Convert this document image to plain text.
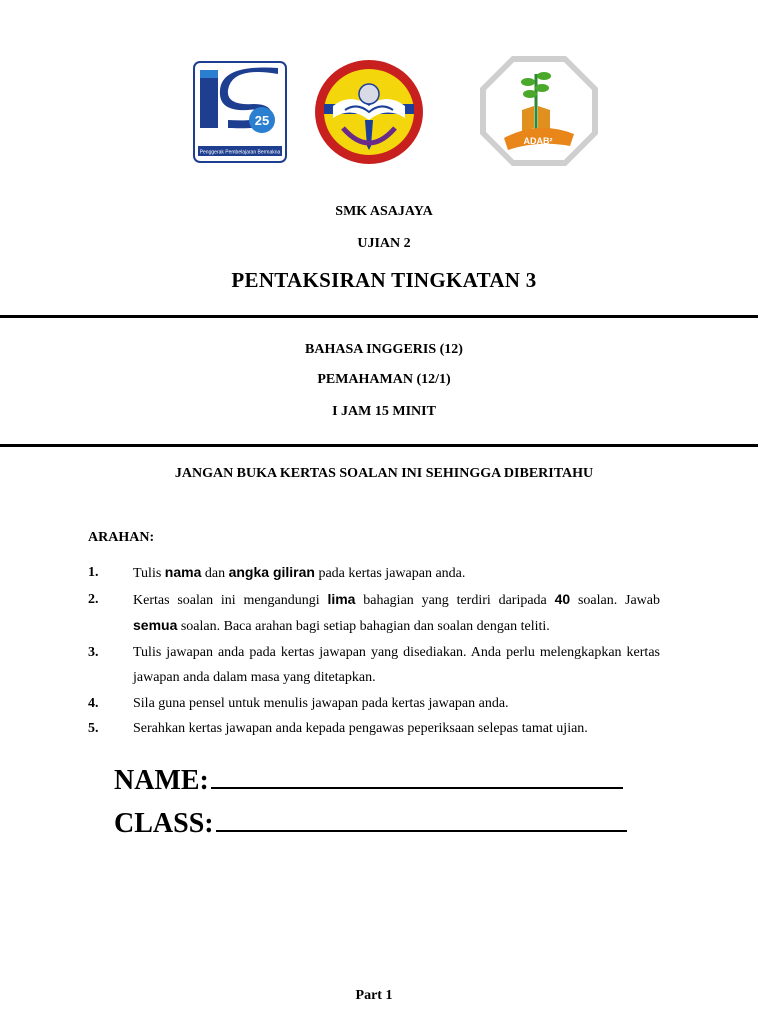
25
Penggerak Pembelajaran Bermakna
ADAB²
SMK ASAJAYA
UJIAN 2
PENTAKSIRAN TINGKATAN 3
BAHASA INGGERIS (12)
PEMAHAMAN (12/1)
I JAM 15 MINIT
JANGAN BUKA KERTAS SOALAN INI SEHINGGA DIBERITAHU
ARAHAN:
1. Tulis nama dan angka giliran pada kertas jawapan anda.
2. Kertas soalan ini mengandungi lima bahagian yang terdiri daripada 40 soalan. Jawab semua soalan. Baca arahan bagi setiap bahagian dan soalan dengan teliti.
3. Tulis jawapan anda pada kertas jawapan yang disediakan. Anda perlu melengkapkan kertas jawapan anda dalam masa yang ditetapkan.
4. Sila guna pensel untuk menulis jawapan pada kertas jawapan anda.
5. Serahkan kertas jawapan anda kepada pengawas peperiksaan selepas tamat ujian.
NAME:
CLASS:
Part 1
